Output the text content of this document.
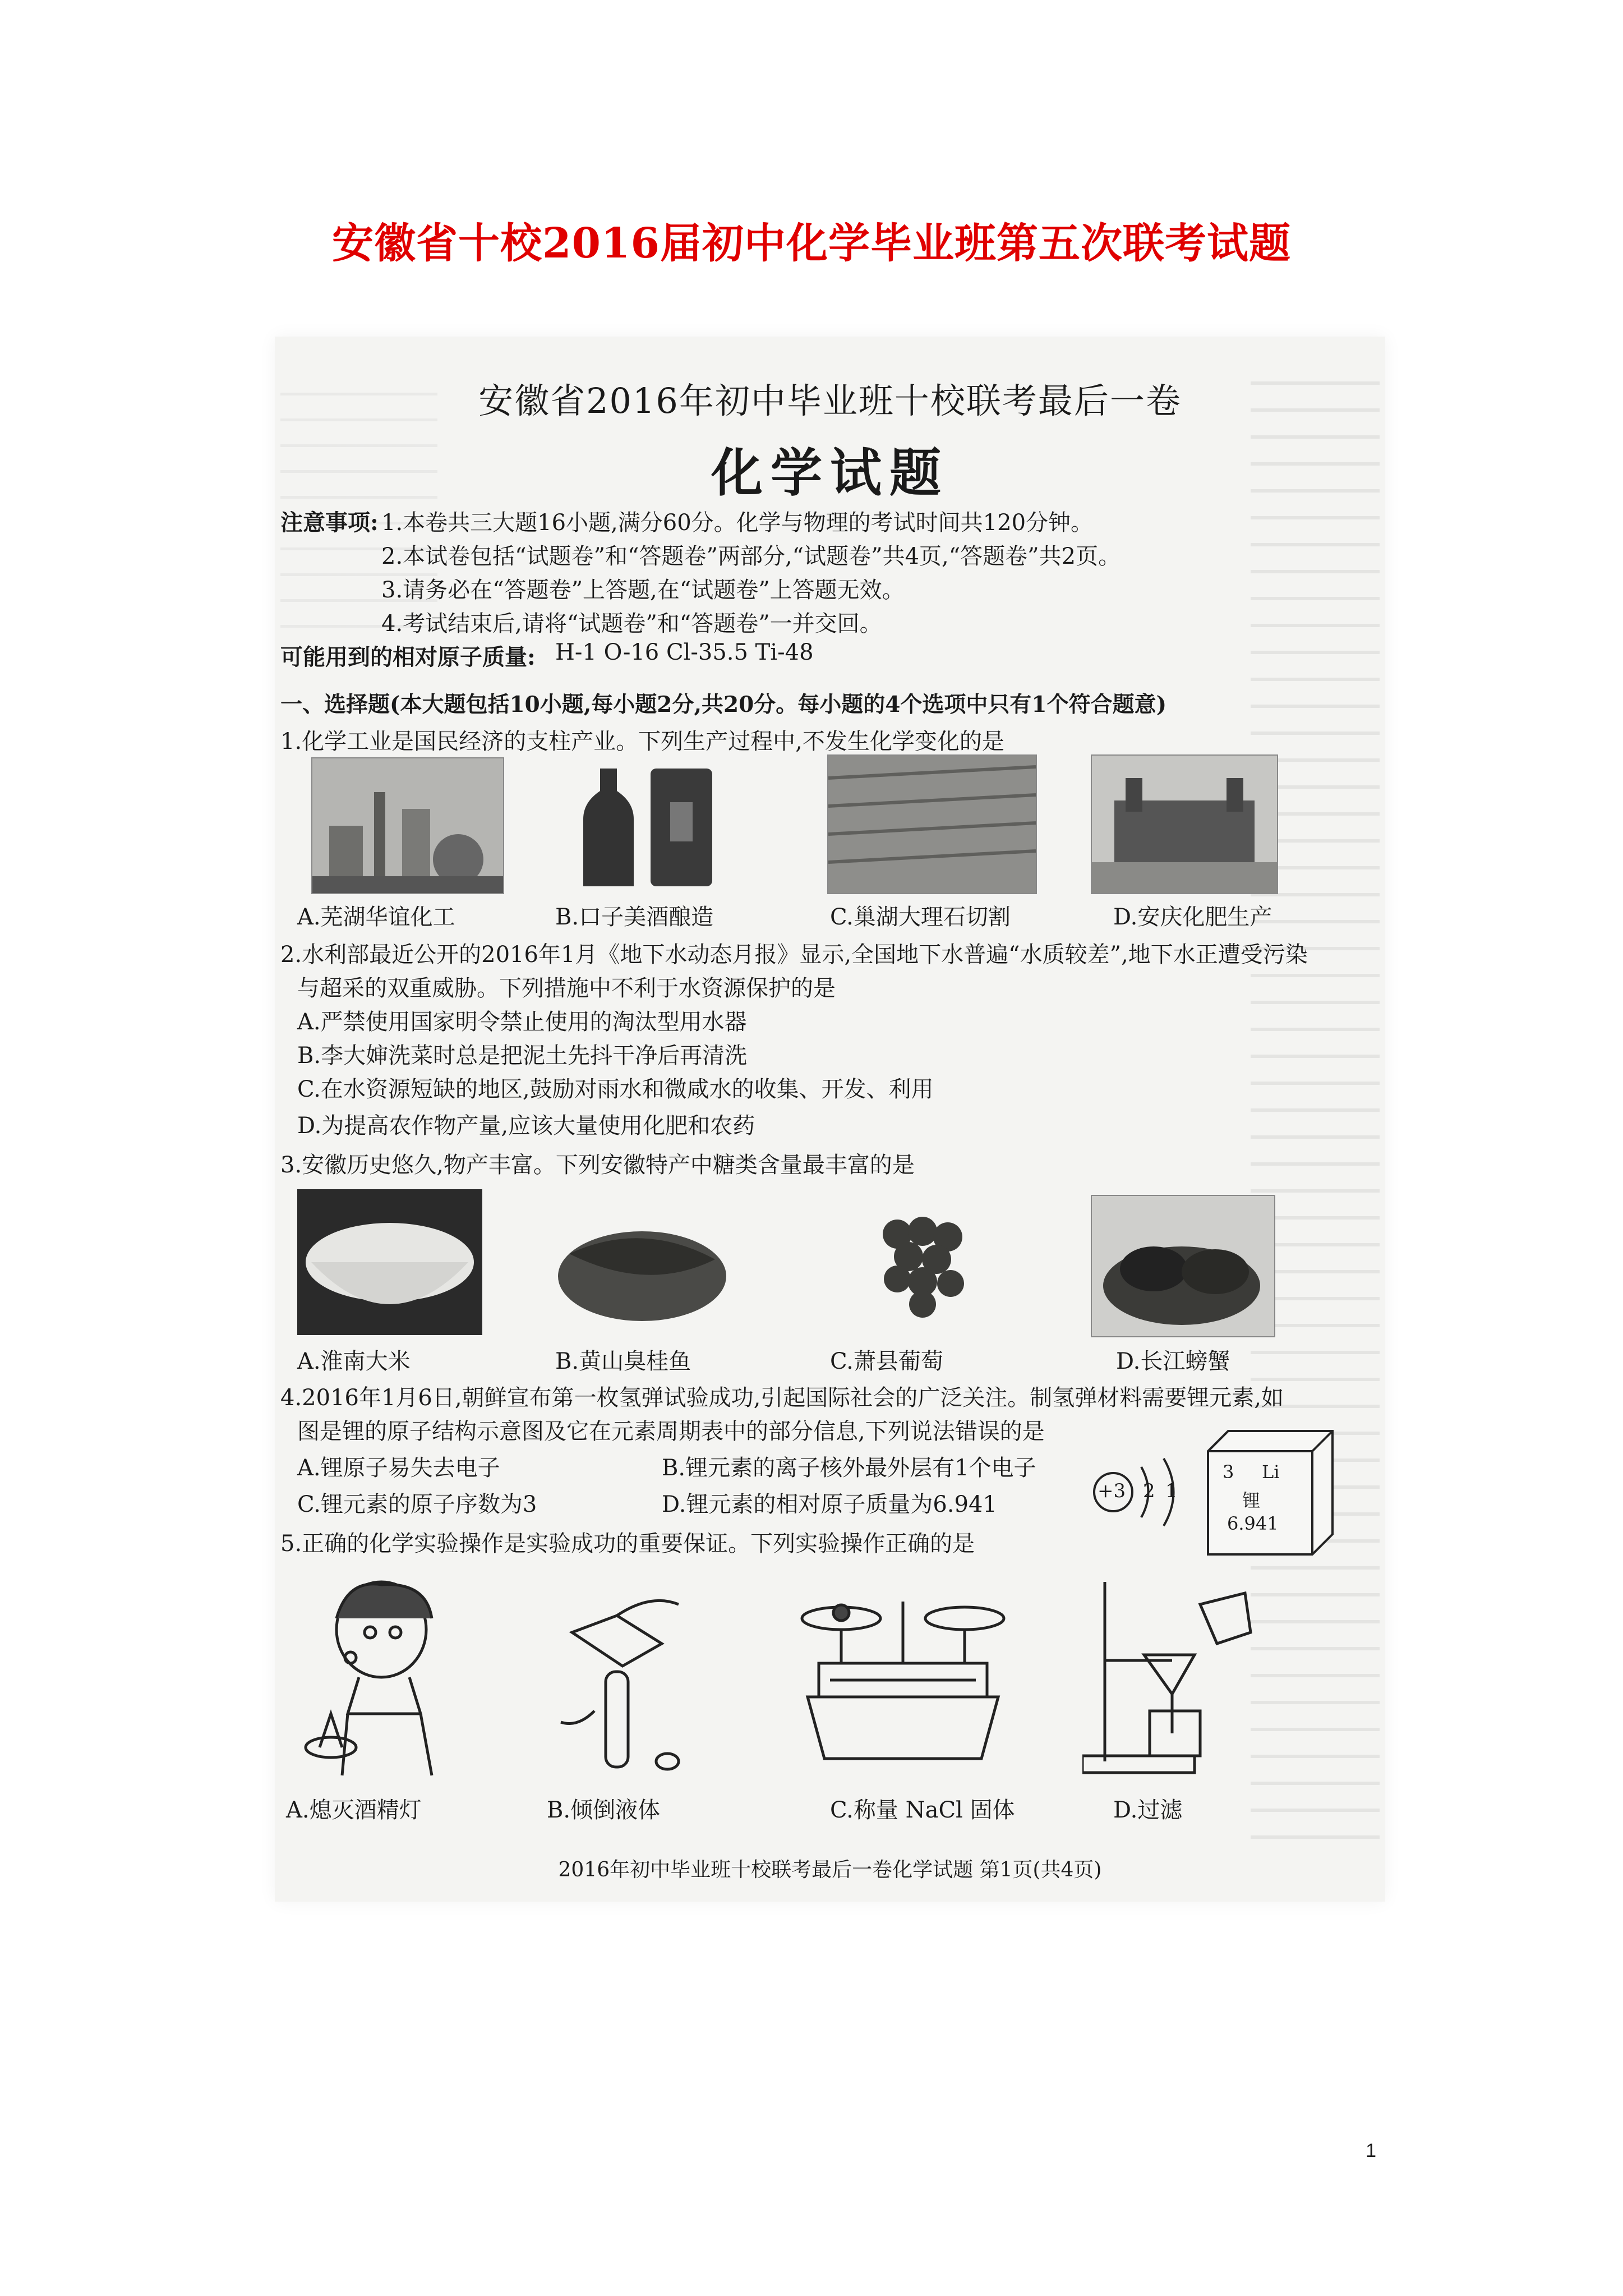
安徽省十校2016届初中化学毕业班第五次联考试题
安徽省2016年初中毕业班十校联考最后一卷
化学试题
注意事项: 1.本卷共三大题16小题,满分60分。化学与物理的考试时间共120分钟。
2.本试卷包括“试题卷”和“答题卷”两部分,“试题卷”共4页,“答题卷”共2页。
3.请务必在“答题卷”上答题,在“试题卷”上答题无效。
4.考试结束后,请将“试题卷”和“答题卷”一并交回。
可能用到的相对原子质量: H-1 O-16 Cl-35.5 Ti-48
一、选择题(本大题包括10小题,每小题2分,共20分。每小题的4个选项中只有1个符合题意)
1.化学工业是国民经济的支柱产业。下列生产过程中,不发生化学变化的是
A.芜湖华谊化工	B.口子美酒酿造	C.巢湖大理石切割	D.安庆化肥生产
2.水利部最近公开的2016年1月《地下水动态月报》显示,全国地下水普遍“水质较差”,地下水正遭受污染
与超采的双重威胁。下列措施中不利于水资源保护的是
A.严禁使用国家明令禁止使用的淘汰型用水器
B.李大婶洗菜时总是把泥土先抖干净后再清洗
C.在水资源短缺的地区,鼓励对雨水和微咸水的收集、开发、利用
D.为提高农作物产量,应该大量使用化肥和农药
3.安徽历史悠久,物产丰富。下列安徽特产中糖类含量最丰富的是
A.淮南大米	B.黄山臭桂鱼	C.萧县葡萄	D.长江螃蟹
4.2016年1月6日,朝鲜宣布第一枚氢弹试验成功,引起国际社会的广泛关注。制氢弹材料需要锂元素,如
图是锂的原子结构示意图及它在元素周期表中的部分信息,下列说法错误的是
A.锂原子易失去电子	B.锂元素的离子核外最外层有1个电子
C.锂元素的原子序数为3	D.锂元素的相对原子质量为6.941
+3 2 1
3 Li
锂
6.941
5.正确的化学实验操作是实验成功的重要保证。下列实验操作正确的是
A.熄灭酒精灯	B.倾倒液体	C.称量 NaCl 固体	D.过滤
2016年初中毕业班十校联考最后一卷化学试题 第1页(共4页)
1
